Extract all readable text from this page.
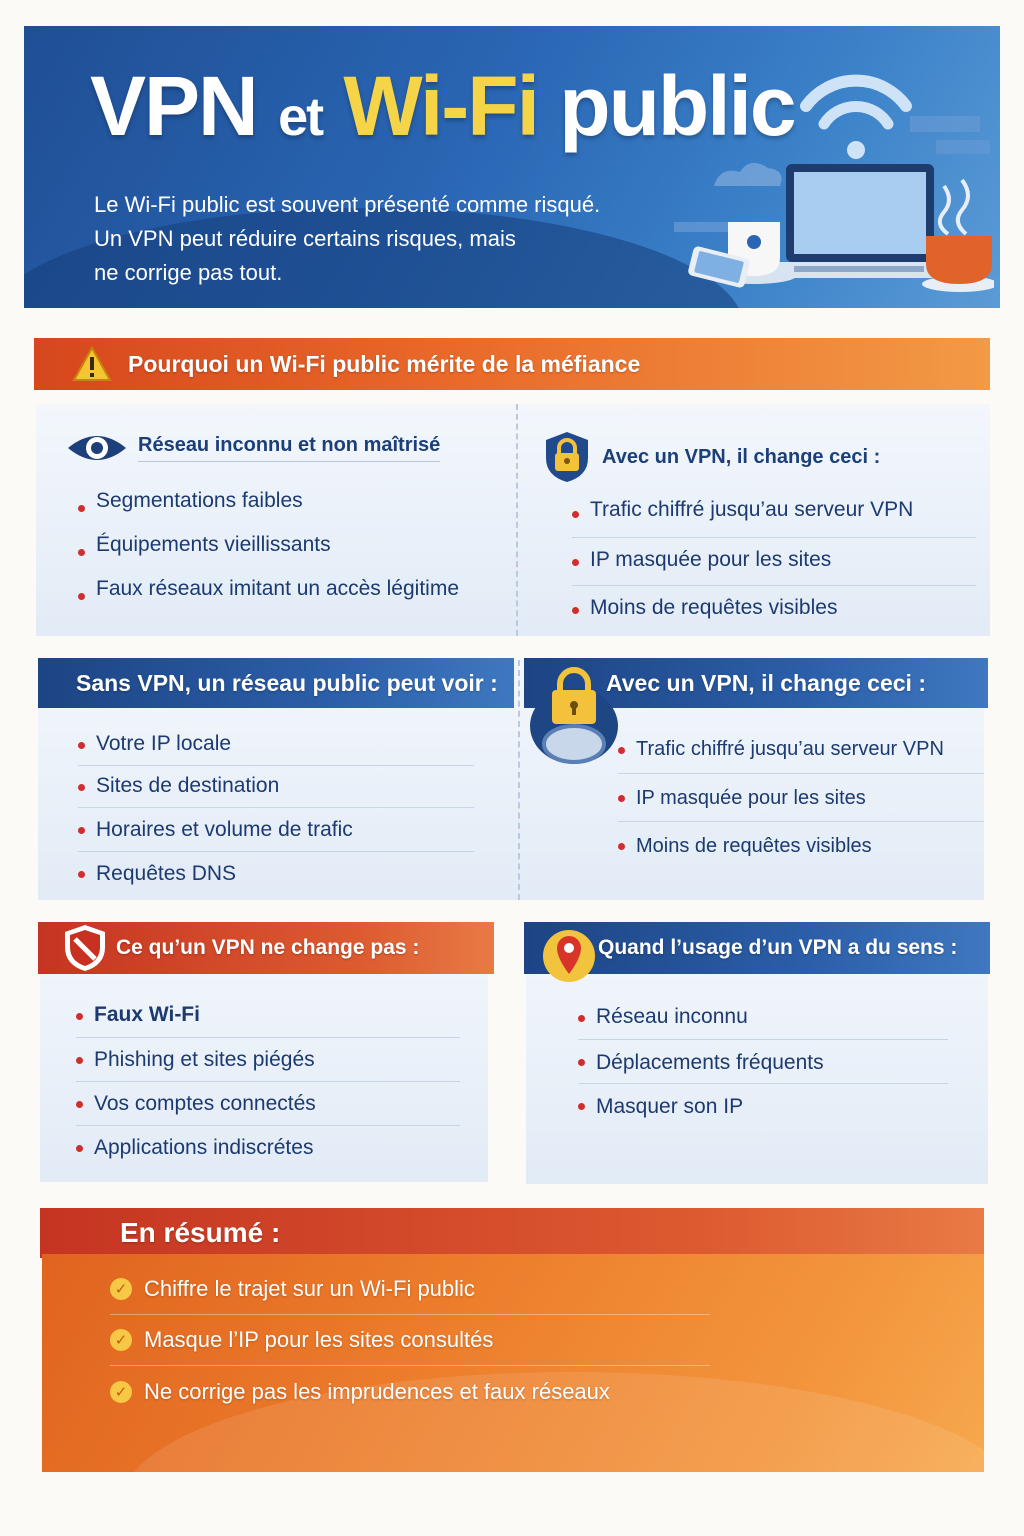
VPN et Wi-Fi public
Le Wi-Fi public est souvent présenté comme risqué.
Un VPN peut réduire certains risques, mais
ne corrige pas tout.
Pourquoi un Wi-Fi public mérite de la méfiance
Réseau inconnu et non maîtrisé
Segmentations faibles
Équipements vieillissants
Faux réseaux imitant un accès légitime
Avec un VPN, il change ceci :
Trafic chiffré jusqu’au serveur VPN
IP masquée pour les sites
Moins de requêtes visibles
Sans VPN, un réseau public peut voir :
Votre IP locale
Sites de destination
Horaires et volume de trafic
Requêtes DNS
Avec un VPN, il change ceci :
Trafic chiffré jusqu’au serveur VPN
IP masquée pour les sites
Moins de requêtes visibles
Ce qu’un VPN ne change pas :
Faux Wi-Fi
Phishing et sites piégés
Vos comptes connectés
Applications indiscrétes
Quand l’usage d’un VPN a du sens :
Réseau inconnu
Déplacements fréquents
Masquer son IP
En résumé :
✓ Chiffre le trajet sur un Wi-Fi public
✓ Masque l’IP pour les sites consultés
✓ Ne corrige pas les imprudences et faux réseaux
